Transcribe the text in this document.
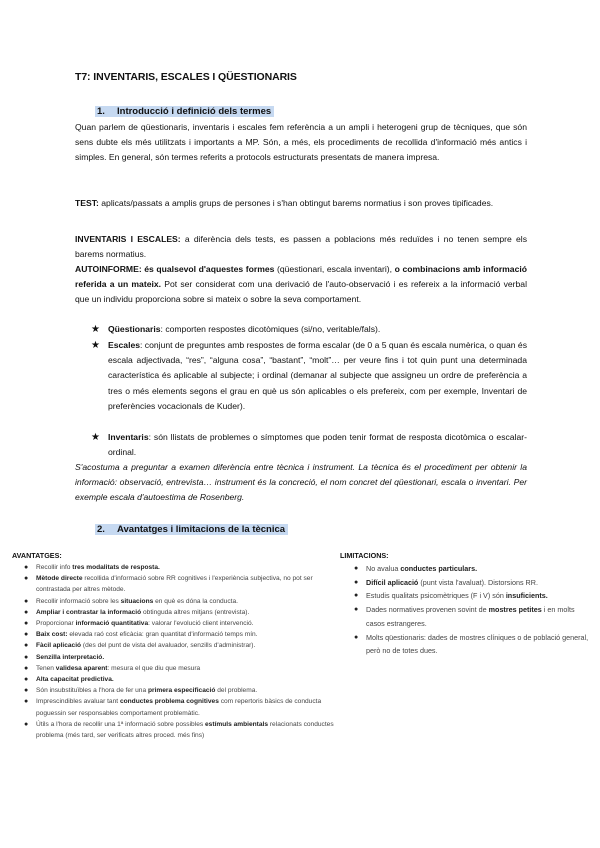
T7: INVENTARIS, ESCALES I QÜESTIONARIS
1. Introducció i definició dels termes
Quan parlem de qüestionaris, inventaris i escales fem referència a un ampli i heterogeni grup de tècniques, que són sens dubte els més utilitzats i importants a MP. Són, a més, els procediments de recollida d'informació més antics i simples. En general, són termes referits a protocols estructurats presentats de manera impresa.
TEST: aplicats/passats a amplis grups de persones i s'han obtingut barems normatius i son proves tipificades.
INVENTARIS I ESCALES: a diferència dels tests, es passen a poblacions més reduïdes i no tenen sempre els barems normatius.
AUTOINFORME: és qualsevol d'aquestes formes (qüestionari, escala inventari), o combinacions amb informació referida a un mateix. Pot ser considerat com una derivació de l'auto-observació i es refereix a la informació verbal que un individu proporciona sobre si mateix o sobre la seva comportament.
★ Qüestionaris: comporten respostes dicotòmiques (si/no, veritable/fals).
★ Escales: conjunt de preguntes amb respostes de forma escalar (de 0 a 5 quan és escala numèrica, o quan és escala adjectivada, “res”, “alguna cosa”, “bastant”, “molt”… per veure fins i tot quin punt una determinada característica és aplicable al subjecte; i ordinal (demanar al subjecte que assigneu un ordre de preferència a tres o més elements segons el grau en què us són aplicables o els prefereix, com per exemple, Inventari de preferències vocacionals de Kuder).
★ Inventaris: són llistats de problemes o símptomes que poden tenir format de resposta dicotòmica o escalar-ordinal.
S'acostuma a preguntar a examen diferència entre tècnica i instrument. La tècnica és el procediment per obtenir la informació: observació, entrevista… instrument és la concreció, el nom concret del qüestionari, escala o inventari. Per exemple escala d'autoestima de Rosenberg.
2. Avantatges i limitacions de la tècnica
AVANTATGES:
● Recollir info tres modalitats de resposta.
● Mètode directe recollida d'informació sobre RR cognitives i l'experiència subjectiva, no pot ser contrastada per altres mètode.
● Recollir informació sobre les situacions en què es dóna la conducta.
● Ampliar i contrastar la informació obtinguda altres mitjans (entrevista).
● Proporcionar informació quantitativa: valorar l'evolució client intervenció.
● Baix cost: elevada raó cost eficàcia: gran quantitat d'informació temps mín.
● Fàcil aplicació (des del punt de vista del avaluador, senzills d'administrar).
● Senzilla interpretació.
● Tenen validesa aparent: mesura el que diu que mesura
● Alta capacitat predictiva.
● Són insubstituïbles a l'hora de fer una primera especificació del problema.
● Imprescindibles avaluar tant conductes problema cognitives com repertoris bàsics de conducta poguessin ser responsables comportament problemàtic.
● Útils a l'hora de recollir una 1ª informació sobre possibles estímuls ambientals relacionats conductes problema (més tard, ser verificats altres proced. més fins)
LIMITACIONS:
● No avalua conductes particulars.
● Difícil aplicació (punt vista l'avaluat). Distorsions RR.
● Estudis qualitats psicomètriques (F i V) són insuficients.
● Dades normatives provenen sovint de mostres petites i en molts casos estrangeres.
● Molts qüestionaris: dades de mostres clíniques o de població general, però no de totes dues.
